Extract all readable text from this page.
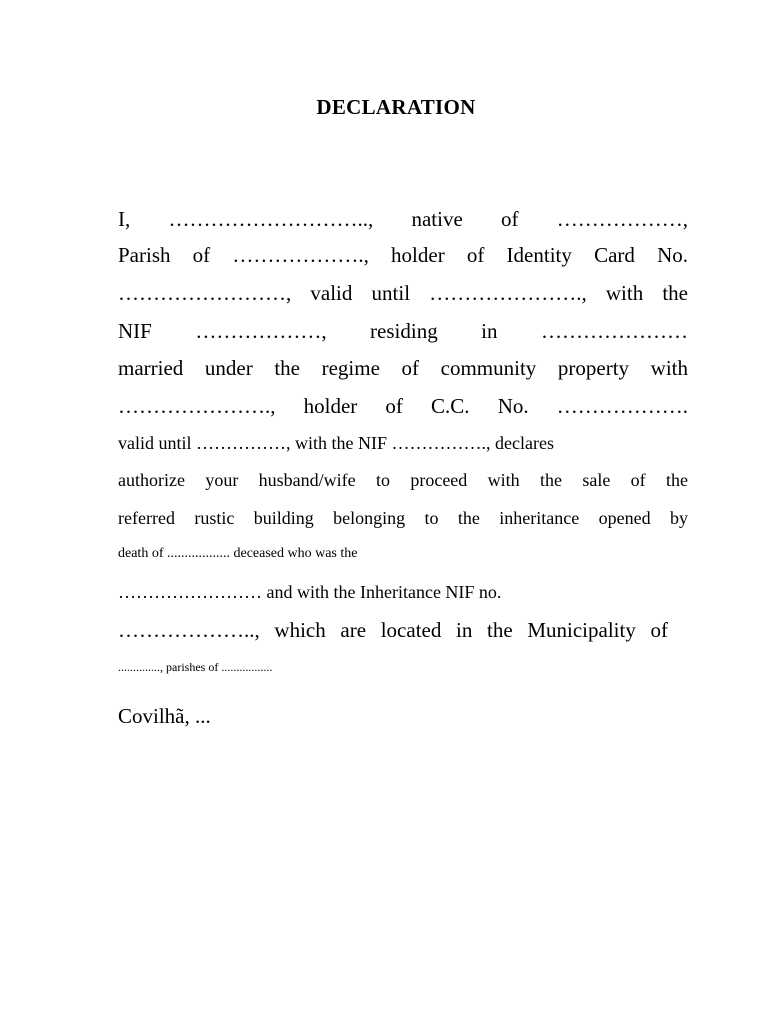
DECLARATION
I, ……………………….., native of ………………,
Parish of ………………., holder of Identity Card No.
……………………, valid until …………………., with the
NIF ………………, residing in …………………
married under the regime of community property with
…………………., holder of C.C. No. ……………….
valid until ……………, with the NIF ……………., declares
authorize your husband/wife to proceed with the sale of the
referred rustic building belonging to the inheritance opened by
death of .................. deceased who was the
…………………… and with the Inheritance NIF no.
……………….., which are located in the Municipality of
.............., parishes of .................
Covilhã, ...
